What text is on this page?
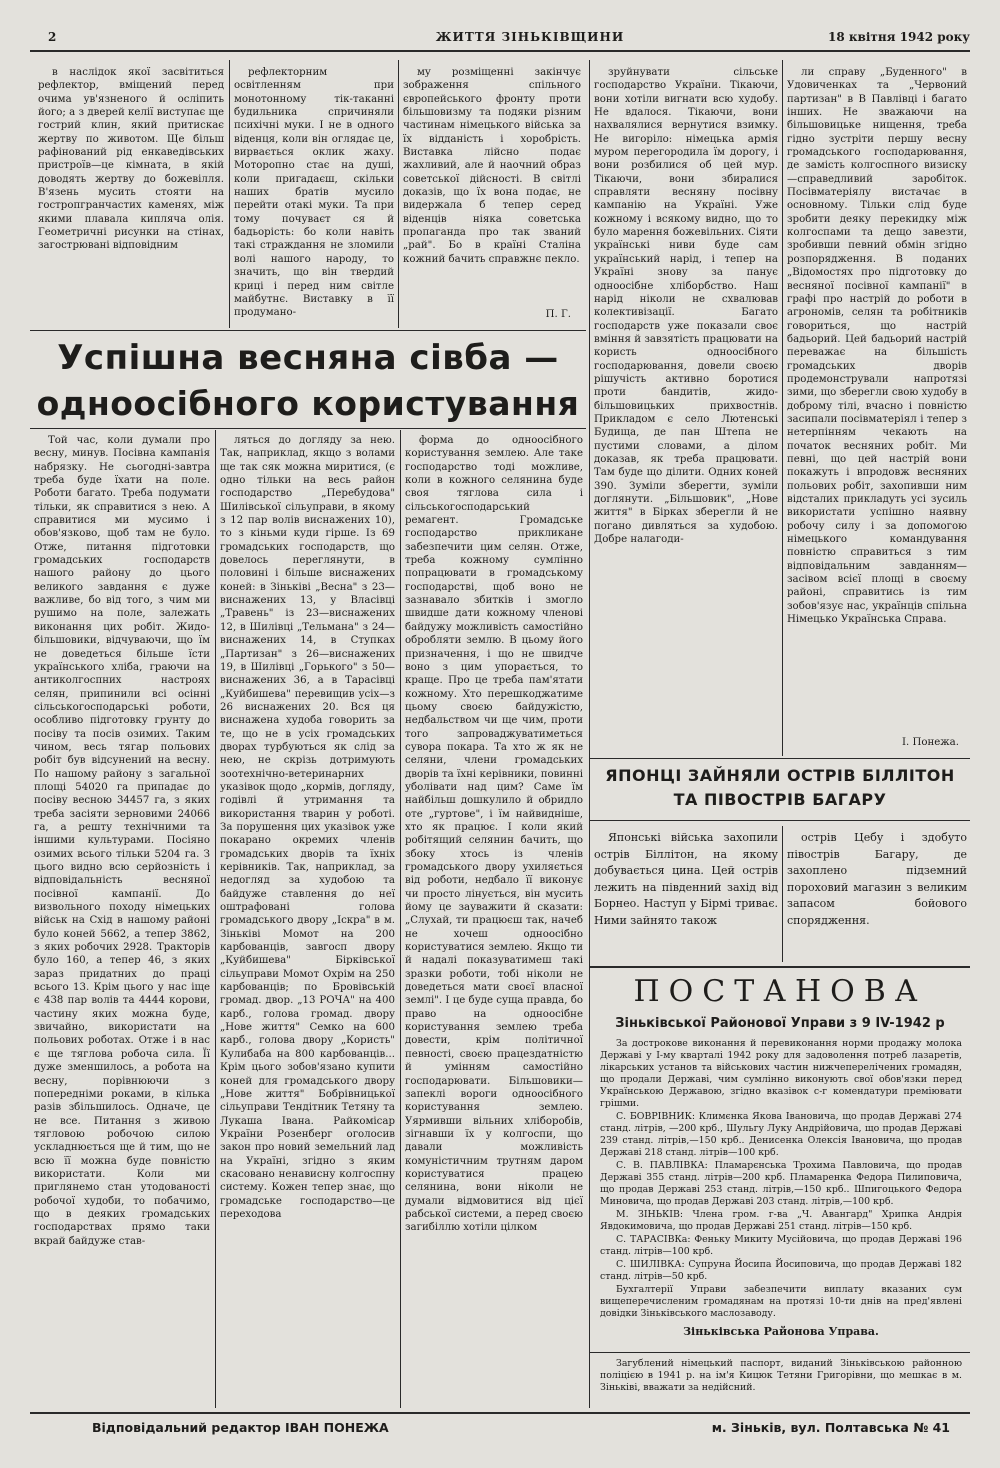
2	ЖИТТЯ ЗІНЬКІВЩИНИ	18 квітня 1942 року

в наслідок якої засвітиться рефлектор, вміщений перед очима ув'язненого й осліпить його; а з дверей келії виступає ще гострий клин, який притискає жертву по животом. Ще більш рафінований рід енкаведівських пристроїв—це кімната, в якій доводять жертву до божевілля. В'язень мусить стояти на гостропгранчастих каменях, між якими плавала кипляча олія. Геометричні рисунки на стінах, загострюванi відповідним

рефлекторним освітленням при монотонному тік-таканні будильника спричиняли психічні муки. І не в одного віденця, коли він оглядає це, вирвається оклик жаху. Моторопно стає на душі, коли пригадаєш, скільки наших братів мусило перейти отакі муки. Та при тому почуваєт ся й бадьорість: бо коли навіть такі страждання не зломили волі нашого народу, то значить, що він твердий криці і перед ним світле майбутнє. Виставку в її продуманo-

му розміщенні закінчує зображення спільного європейського фронту проти більшовизму та подяки різним частинам німецького війська за їх відданість і хоробрість. Виставка лійсно подає жахливий, але й наочний образ советської дійсності. В світлі доказів, що їх вона подає, не видержала б тепер серед віденців ніяка советська пропаганда про так званий „рай". Бо в країні Сталіна кожний бачить справжнє пекло.

П. Г.

Успішна весняна сівба —
одноосібного користування

Той час, коли думали про весну, минув. Посівна кампанія набрязку. Не сьогодні-завтра треба буде їхати на поле. Роботи багато. Треба подумати тільки, як справитися з нею. А справитися ми мусимо і обов'язково, щоб там не було. Отже, питання підготовки громадських господарств нашого району до цього великого завдання є дуже важливе, бо від того, з чим ми рушимо на поле, залежать виконання цих робіт. Жидо-більшовики, відчуваючи, що їм не доведеться більше їсти українського хліба, граючи на антиколгоспних настроях селян, припинили всі осінні сільськогосподарські роботи, особливо підготовку грунту до посіву та посів озимих. Таким чином, весь тягар польових робіт був відсунений на весну. По нашому району з загальної площі 54020 га припадає до посіву весною 34457 га, з яких треба засіяти зерновими 24066 га, а решту технічними та іншими культурами. Посіяно озимих всього тільки 5204 га. З цього видно всю серйозність і відповідальність весняної посівної кампанії. До визвольного походу німецьких військ на Схід в нашому районі було коней 5662, а тепер 3862, з яких робочих 2928. Тракторів було 160, а тепер 46, з яких зараз придатних до праці всього 13. Крім цього у нас іще є 438 пар волів та 4444 корови, частину яких можна буде, звичайно, використати на польових роботах. Отже і в нас є ще тяглова робоча сила. Її дуже зменшилось, а робота на весну, порівнюючи з попередніми роками, в кілька разів збільшилось. Одначе, це не все. Питання з живою тягловою робочою силою ускладнюється ще й тим, що не всю її можна буде повністю використати. Коли ми приглянемо стан утодованості робочої худоби, то побачимо, що в деяких громадських господарствах прямо таки вкрай байдуже став-

ляться до догляду за нею. Так, наприклад, якщо з волами ще так сяк можна миритися, (є одно тільки на весь район господарство „Перебудова" Шилівської сільуправи, в якому з 12 пар волів виснажених 10), то з кіньми куди гірше. Із 69 громадських господарств, що довелось переглянути, в половині і більше виснажених коней: в Зіньківі „Весна" з 23—виснажених 13, у Власівці „Травень" із 23—виснажених 12, в Шилівці „Тельмана" з 24—виснажених 14, в Ступках „Партизан" з 26—виснажених 19, в Шилівці „Горького" з 50—виснажених 36, а в Тарасівці „Куйбишева" перевищив усіх—з 26 виснажених 20. Вся ця виснажена худоба говорить за те, що не в усіх громадських дворах турбуються як слід за нею, не скрізь дотримують зоотехнічно-ветеринарних указівок щодо „кормів, догляду, годівлі й утримання та використання тварин у роботі. За порушення цих указівок уже покарано окремих членів громадських дворів та їхніх керівників. Так, наприклад, за недогляд за худобою та байдуже ставлення до неї оштрафовані голова громадського двору „Іскра" в м. Зіньківі Момот на 200 карбованців, завгосп двору „Куйбишева" Бірківської сільуправи Момот Охрім на 250 карбованців; по Бровівській громад. двор. „13 РОЧА" на 400 карб., голова громад. двору „Нове життя" Семко на 600 карб., голова двору „Користь" Кулибаба на 800 карбованців... Крім цього зобов'язано купити коней для громадського двору „Нове життя" Бобрівницької сільуправи Тендітник Тетяну та Лукаша Івана. Райкомісар України Розенберг оголосив закон про новий земельний лад на Україні, згідно з яким скасовано ненависну колгоспну систему. Кожен тепер знає, що громадське господарство—це переходова

форма до одноосібного користування землею. Але таке господарство тоді можливе, коли в кожного селянина буде своя тяглова сила і сільськогосподарський ремагент. Громадське господарство прикликане забезпечити цим селян. Отже, треба кожному сумлінно попрацювати в громадському господарстві, щоб воно не зазнавало збитків і змогло швидше дати кожному членові байдужу можливість самостійно обробляти землю. В цьому його призначення, і що не швидче воно з цим упорається, то краще. Про це треба пам'ятати кожному. Хто перешкоджатиме цьому своєю байдужістю, недбальством чи ще чим, проти того запроваджуватиметься сувора покара. Та хто ж як не селяни, члени громадських дворів та їхні керівники, повинні уболівати над цим? Саме їм найбільш дошкулило й обридло оте „гуртове", і їм найвидніше, хто як працює. І коли який робітящий селянин бачить, що збоку хтось із членів громадського двору ухиляється від роботи, недбало її виконує чи просто лінується, він мусить йому це зауважити й сказати: „Слухай, ти працюєш так, начеб не хочеш одноосібно користуватися землею. Якщо ти й надалі показуватимеш такі зразки роботи, тобі ніколи не доведеться мати своєї власної землі". І це буде суща правда, бо право на одноосібне користування землею треба довести, крім політичної певності, своєю працездатністю й умінням самостійно господарювати. Більшовики—запеклі вороги одноосібного користування землею. Уярмивши вільних хліборобів, зігнавши їх у колгоспи, що давали можливість комуністичним трутням даром користуватися працею селянина, вони ніколи не думали відмовитися від цієї рабської системи, а перед своєю загибіллю хотіли цілком

зруйнувати сільське господарство України. Тікаючи, вони хотіли вигнати всю худобу. Не вдалося. Тікаючи, вони нахвалялися вернутися взимку. Не вигоріло: німецька армія муром перегородила їм дорогу, і вони розбилися об цей мур. Тікаючи, вони збиралися справляти весняну посівну кампанію на Україні. Уже кожному і всякому видно, що то було марення божевільних. Сіяти українські ниви буде сам український нарід, і тепер на Україні знову за панує одноосібне хліборбство. Наш нарід ніколи не схвалював колективізації. Багато господарств уже показали своє вміння й завзятість працювати на користь одноосібного господарювання, довели своєю рішучість активно боротися проти бандитів, жидо-більшовицьких прихвостнів. Прикладом є село Лютенські Будища, де пан Штепа не пустими словами, а ділом доказав, як треба працювати. Там буде що ділити. Одних коней 390. Зуміли зберегти, зуміли доглянути. „Більшовик", „Нове життя" в Бірках зберегли й не погано дивляться за худобою. Добре налагоди-

ли справу „Буденного" в Удовиченках та „Червоний партизан" в В Павлівці і багато інших. Не зважаючи на більшовицьке нищення, треба гідно зустріти першу весну громадського господарювання, де замість колгоспного визиску—справедливий заробіток. Посівматеріялу вистачає в основному. Тільки слід буде зробити деяку перекидку між колгоспами та дещо завезти, зробивши певний обмін згідно розпорядження. В поданих „Відомостях про підготовку до весняної посівної кампанії" в графі про настрій до роботи в агрономів, селян та робітників говориться, що настрій бадьорий. Цей бадьорий настрій переважає на більшість громадських дворів продемонстрували напротязі зими, що зберегли свою худобу в доброму тілі, вчасно і повністю засипали посівматеріял і тепер з нетерпінням чекають на початок весняних робіт. Ми певні, що цей настрій вони покажуть і впродовж весняних польових робіт, захопивши ним відсталих прикладуть усі зусиль використати успішно наявну робочу силу і за допомогою німецького командування повністю справиться з тим відповідальним завданням—засівом всієї площі в своєму районі, справитись із тим зобов'язує нас, українців спільна Німецько Українська Справа.

І. Понежа.

ЯПОНЦІ ЗАЙНЯЛИ ОСТРІВ БІЛЛІТОН
ТА ПІВОСТРІВ БАГАРУ

Японські війська захопили острів Біллітон, на якому добувається цина. Цей острів лежить на південний захід від Борнео. Наступ у Бірмі триває. Ними зайнято також

острів Цебу і здобуто півострів Багару, де захоплено підземний пороховий магазин з великим запасом бойового спорядження.

ПОСТАНОВА
Зіньківської Районової Управи з 9 IV-1942 р

За дострокове виконання й перевиконання норми продажу молока Державі у І-му кварталі 1942 року для задоволення потреб лазаретів, лікарських установ та військових частин нижчеперелічених громадян, що продали Державі, чим сумлінно виконують свої обов'язки перед Українською Державою, згідно вказівок с-г комендатури преміювати грішми.

С. БОВРІВНИК: Климєнка Якова Івановича, що продав Державі 274 станд. літрів, —200 крб., Шульгу Луку Андрійовича, що продав Державі 239 станд. літрів,—150 крб.. Денисенка Олексія Івановича, що продав Державі 218 станд. літрів—100 крб.

С. В. ПАВЛІВКА: Пламарєнська Трохима Павловича, що продав Державі 355 станд. літрів—200 крб. Пламаренка Федора Пилиповича, що продав Державі 253 станд. літрів,—150 крб.. Шпигоцького Федора Миновича, що продав Державі 203 станд. літрів,—100 крб.

М. ЗІНЬКІВ: Члена гром. г-ва „Ч. Авангард" Хрипка Андрія Явдокимовича, що продав Державі 251 станд. літрів—150 крб.

С. ТАРАСІВКа: Феньку Микиту Мусійовича, що продав Державі 196 станд. літрів—100 крб.

С. ШИЛІВКА: Супруна Йосипа Йосиповича, що продав Державі 182 станд. літрів—50 крб.

Бухгалтерії Управи забезпечити виплату вказаних сум вищеперечисленим громадянам на протязі 10-ти днів на пред'явлені довідки Зіньківського маслозаводу.

Зіньківська Районова Управа.

Загублений німецький паспорт, виданий Зіньківською районною поліцією в 1941 р. на ім'я Кицюк Тетяни Григорівни, що мешкає в м. Зіньківі, вважати за недійсний.

Відповідальний редактор ІВАН ПОНЕЖА	м. Зіньків, вул. Полтавська № 41
